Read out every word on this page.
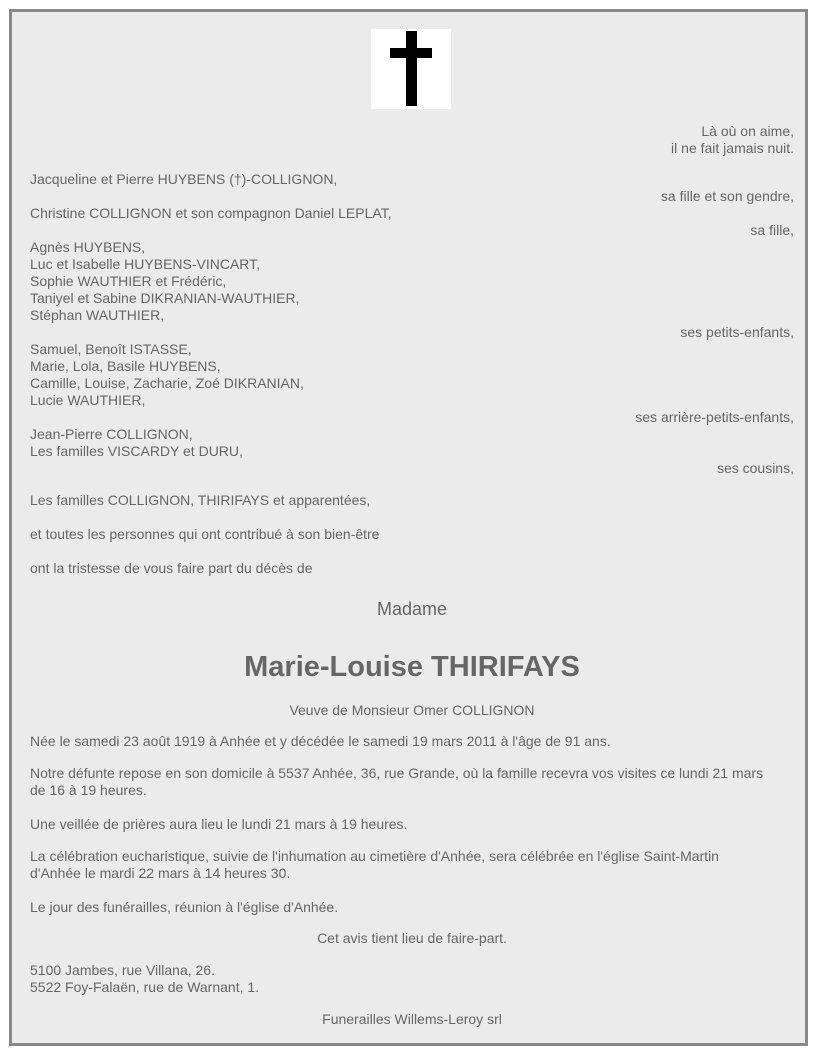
Là où on aime,
il ne fait jamais nuit.
Jacqueline et Pierre HUYBENS (†)-COLLIGNON,
sa fille et son gendre,
Christine COLLIGNON et son compagnon Daniel LEPLAT,
sa fille,
Agnès HUYBENS,
Luc et Isabelle HUYBENS-VINCART,
Sophie WAUTHIER et Frédéric,
Taniyel et Sabine DIKRANIAN-WAUTHIER,
Stéphan WAUTHIER,
ses petits-enfants,
Samuel, Benoît ISTASSE,
Marie, Lola, Basile HUYBENS,
Camille, Louise, Zacharie, Zoé DIKRANIAN,
Lucie WAUTHIER,
ses arrière-petits-enfants,
Jean-Pierre COLLIGNON,
Les familles VISCARDY et DURU,
ses cousins,
Les familles COLLIGNON, THIRIFAYS et apparentées,
et toutes les personnes qui ont contribué à son bien-être
ont la tristesse de vous faire part du décès de
Madame
Marie-Louise THIRIFAYS
Veuve de Monsieur Omer COLLIGNON
Née le samedi 23 août 1919 à Anhée et y décédée le samedi 19 mars 2011 à l'âge de 91 ans.
Notre défunte repose en son domicile à 5537 Anhée, 36, rue Grande, où la famille recevra vos visites ce lundi 21 mars
de 16 à 19 heures.
Une veillée de prières aura lieu le lundi 21 mars à 19 heures.
La célébration eucharistique, suivie de l'inhumation au cimetière d'Anhée, sera célébrée en l'église Saint-Martin
d'Anhée le mardi 22 mars à 14 heures 30.
Le jour des funérailles, réunion à l'église d'Anhée.
Cet avis tient lieu de faire-part.
5100 Jambes, rue Villana, 26.
5522 Foy-Falaën, rue de Warnant, 1.
Funerailles Willems-Leroy srl
